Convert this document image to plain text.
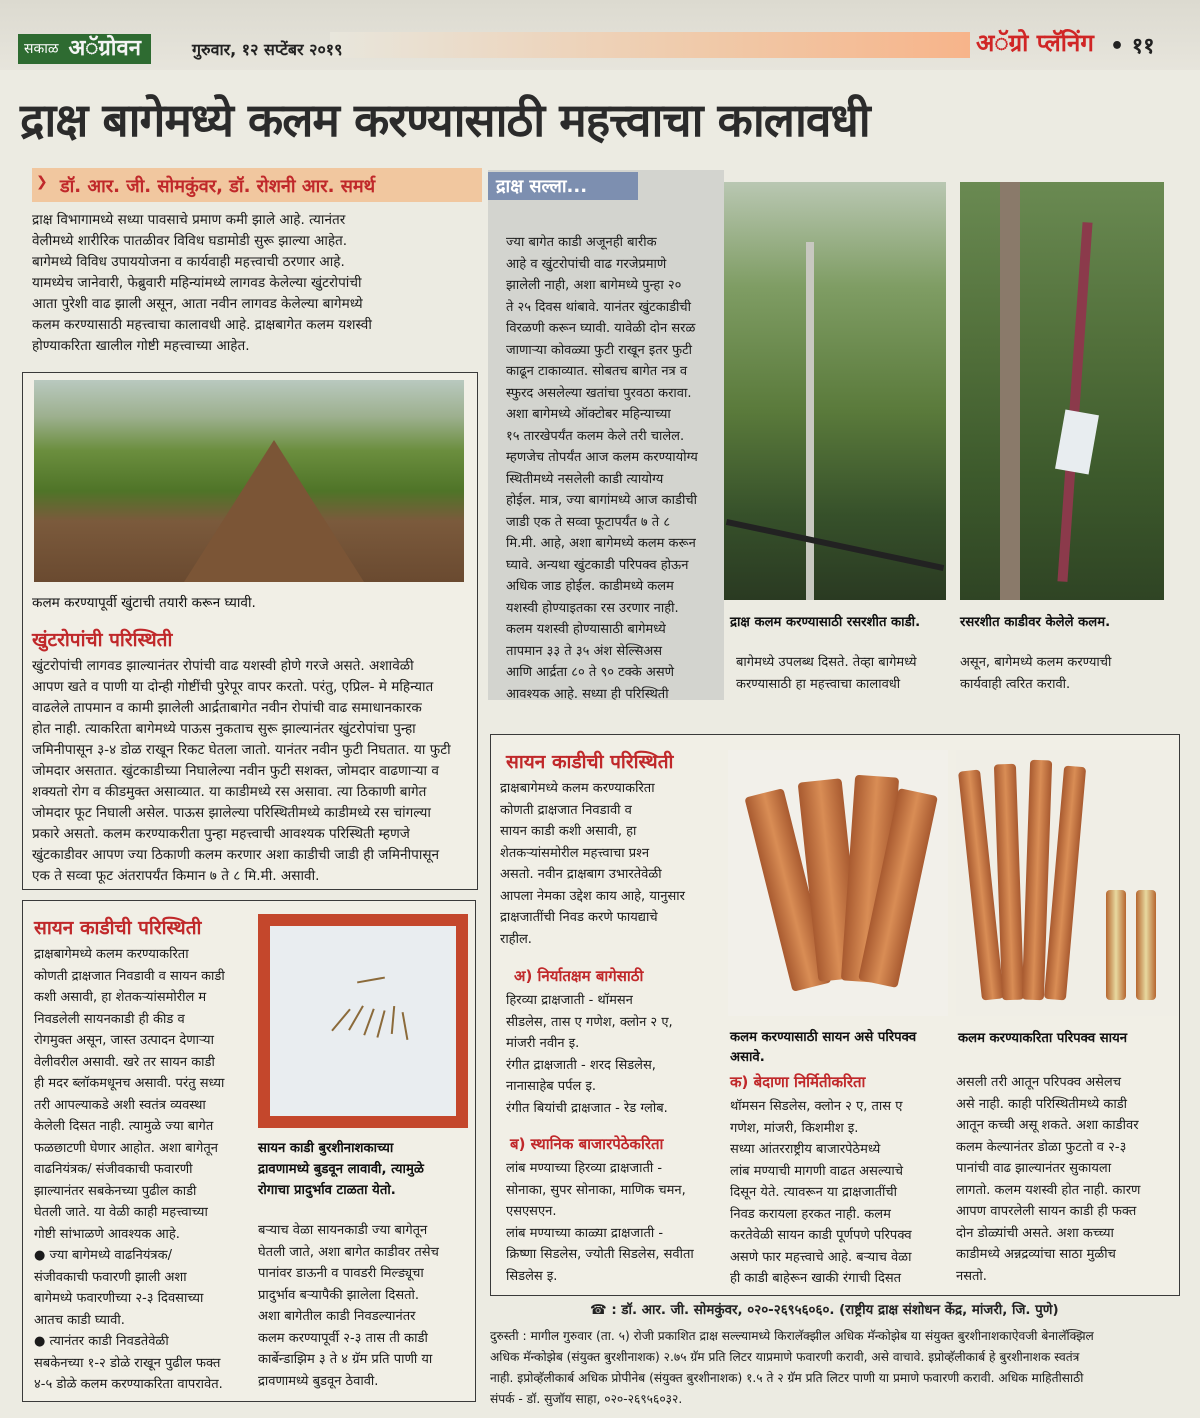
सकाळ अॅग्रोवन	गुरुवार, १२ सप्टेंबर २०१९	अॅग्रो प्लॅनिंग • ११
द्राक्ष बागेमध्ये कलम करण्यासाठी महत्त्वाचा कालावधी
❯ डॉ. आर. जी. सोमकुंवर, डॉ. रोशनी आर. समर्थ
द्राक्ष विभागामध्ये सध्या पावसाचे प्रमाण कमी झाले आहे. त्यानंतर
वेलीमध्ये शारीरिक पातळीवर विविध घडामोडी सुरू झाल्या आहेत.
बागेमध्ये विविध उपाययोजना व कार्यवाही महत्त्वाची ठरणार आहे.
यामध्येच जानेवारी, फेब्रुवारी महिन्यांमध्ये लागवड केलेल्या खुंटरोपांची
आता पुरेशी वाढ झाली असून, आता नवीन लागवड केलेल्या बागेमध्ये
कलम करण्यासाठी महत्त्वाचा कालावधी आहे. द्राक्षबागेत कलम यशस्वी
होण्याकरिता खालील गोष्टी महत्त्वाच्या आहेत.
कलम करण्यापूर्वी खुंटाची तयारी करून घ्यावी.
खुंटरोपांची परिस्थिती
खुंटरोपांची लागवड झाल्यानंतर रोपांची वाढ यशस्वी होणे गरजे असते. अशावेळी
आपण खते व पाणी या दोन्ही गोष्टींची पुरेपूर वापर करतो. परंतु, एप्रिल- मे महिन्यात
वाढलेले तापमान व कामी झालेली आर्द्रताबागेत नवीन रोपांची वाढ समाधानकारक
होत नाही. त्याकरिता बागेमध्ये पाऊस नुकताच सुरू झाल्यानंतर खुंटरोपांचा पुन्हा
जमिनीपासून ३-४ डोळ राखून रिकट घेतला जातो. यानंतर नवीन फुटी निघतात. या फुटी
जोमदार असतात. खुंटकाडीच्या निघालेल्या नवीन फुटी सशक्त, जोमदार वाढणाऱ्या व
शक्यतो रोग व कीडमुक्त असाव्यात. या काडीमध्ये रस असावा. त्या ठिकाणी बागेत
जोमदार फूट निघाली असेल. पाऊस झालेल्या परिस्थितीमध्ये काडीमध्ये रस चांगल्या
प्रकारे असतो. कलम करण्याकरीता पुन्हा महत्त्वाची आवश्यक परिस्थिती म्हणजे
खुंटकाडीवर आपण ज्या ठिकाणी कलम करणार अशा काडीची जाडी ही जमिनीपासून
एक ते सव्वा फूट अंतरापर्यंत किमान ७ ते ८ मि.मी. असावी.
द्राक्ष सल्ला...
ज्या बागेत काडी अजूनही बारीक
आहे व खुंटरोपांची वाढ गरजेप्रमाणे
झालेली नाही, अशा बागेमध्ये पुन्हा २०
ते २५ दिवस थांबावे. यानंतर खुंटकाडीची
विरळणी करून घ्यावी. यावेळी दोन सरळ
जाणाऱ्या कोवळ्या फुटी राखून इतर फुटी
काढून टाकाव्यात. सोबतच बागेत नत्र व
स्फुरद असलेल्या खतांचा पुरवठा करावा.
अशा बागेमध्ये ऑक्टोबर महिन्याच्या
१५ तारखेपर्यंत कलम केले तरी चालेल.
म्हणजेच तोपर्यंत आज कलम करण्यायोग्य
स्थितीमध्ये नसलेली काडी त्यायोग्य
होईल. मात्र, ज्या बागांमध्ये आज काडीची
जाडी एक ते सव्वा फूटापर्यंत ७ ते ८
मि.मी. आहे, अशा बागेमध्ये कलम करून
घ्यावे. अन्यथा खुंटकाडी परिपक्व होऊन
अधिक जाड होईल. काडीमध्ये कलम
यशस्वी होण्याइतका रस उरणार नाही.
कलम यशस्वी होण्यासाठी बागेमध्ये
तापमान ३३ ते ३५ अंश सेल्सिअस
आणि आर्द्रता ८० ते ९० टक्के असणे
आवश्यक आहे. सध्या ही परिस्थिती
द्राक्ष कलम करण्यासाठी रसरशीत काडी.	रसरशीत काडीवर केलेले कलम.
बागेमध्ये उपलब्ध दिसते. तेव्हा बागेमध्ये
करण्यासाठी हा महत्त्वाचा कालावधी
असून, बागेमध्ये कलम करण्याची
कार्यवाही त्वरित करावी.
सायन काडीची परिस्थिती
द्राक्षबागेमध्ये कलम करण्याकरिता
कोणती द्राक्षजात निवडावी व
सायन काडी कशी असावी, हा
शेतकऱ्यांसमोरील महत्त्वाचा प्रश्‍न
असतो. नवीन द्राक्षबाग उभारतेवेळी
आपला नेमका उद्देश काय आहे, यानुसार
द्राक्षजातींची निवड करणे फायद्याचे
राहील.
कलम करण्यासाठी सायन असे परिपक्व
असावे.
कलम करण्याकरिता परिपक्व सायन
अ) निर्यातक्षम बागेसाठी
हिरव्या द्राक्षजाती - थॉमसन
सीडलेस, तास ए गणेश, क्लोन २ ए,
मांजरी नवीन इ.
रंगीत द्राक्षजाती - शरद सिडलेस,
नानासाहेब पर्पल इ.
रंगीत बियांची द्राक्षजात - रेड ग्लोब.
ब) स्थानिक बाजारपेठेकरिता
लांब मण्याच्या हिरव्या द्राक्षजाती -
सोनाका, सुपर सोनाका, माणिक चमन,
एसएसएन.
लांब मण्याच्या काळ्या द्राक्षजाती -
क्रिष्णा सिडलेस, ज्योती सिडलेस, सवीता
सिडलेस इ.
क) बेदाणा निर्मितीकरिता
थॉमसन सिडलेस, क्लोन २ ए, तास ए
गणेश, मांजरी, किशमीश इ.
सध्या आंतरराष्ट्रीय बाजारपेठेमध्ये
लांब मण्याची मागणी वाढत असल्याचे
दिसून येते. त्यावरून या द्राक्षजातींची
निवड करायला हरकत नाही. कलम
करतेवेळी सायन काडी पूर्णपणे परिपक्व
असणे फार महत्त्वाचे आहे. बऱ्याच वेळा
ही काडी बाहेरून खाकी रंगाची दिसत
असली तरी आतून परिपक्व असेलच
असे नाही. काही परिस्थितीमध्ये काडी
आतून कच्ची असू शकते. अशा काडीवर
कलम केल्यानंतर डोळा फुटतो व २-३
पानांची वाढ झाल्यानंतर सुकायला
लागतो. कलम यशस्वी होत नाही. कारण
आपण वापरलेली सायन काडी ही फक्त
दोन डोळ्यांची असते. अशा कच्च्या
काडीमध्ये अन्नद्रव्यांचा साठा मुळीच
नसतो.
सायन काडीची परिस्थिती
द्राक्षबागेमध्ये कलम करण्याकरिता
कोणती द्राक्षजात निवडावी व सायन काडी
कशी असावी, हा शेतकऱ्यांसमोरील म
निवडलेली सायनकाडी ही कीड व
रोगमुक्त असून, जास्त उत्पादन देणाऱ्या
वेलीवरील असावी. खरे तर सायन काडी
ही मदर ब्लॉकमधूनच असावी. परंतु सध्या
तरी आपल्याकडे अशी स्वतंत्र व्यवस्था
केलेली दिसत नाही. त्यामुळे ज्या बागेत
फळछाटणी घेणार आहोत. अशा बागेतून
वाढनियंत्रक/ संजीवकाची फवारणी
झाल्यानंतर सबकेनच्या पुढील काडी
घेतली जाते. या वेळी काही महत्त्वाच्या
गोष्टी सांभाळणे आवश्यक आहे.
● ज्या बागेमध्ये वाढनियंत्रक/
संजीवकाची फवारणी झाली अशा
बागेमध्ये फवारणीच्या २-३ दिवसाच्या
आतच काडी घ्यावी.
● त्यानंतर काडी निवडतेवेळी
सबकेनच्या १-२ डोळे राखून पुढील फक्त
४-५ डोळे कलम करण्याकरिता वापरावेत.
सायन काडी बुरशीनाशकाच्या
द्रावणामध्ये बुडवून लावावी, त्यामुळे
रोगाचा प्रादुर्भाव टाळता येतो.
बऱ्याच वेळा सायनकाडी ज्या बागेतून
घेतली जाते, अशा बागेत काडीवर तसेच
पानांवर डाऊनी व पावडरी मिल्ड्यूचा
प्रादुर्भाव बऱ्यापैकी झालेला दिसतो.
अशा बागेतील काडी निवडल्यानंतर
कलम करण्यापूर्वी २-३ तास ती काडी
कार्बेन्डाझिम ३ ते ४ ग्रॅम प्रति पाणी या
द्रावणामध्ये बुडवून ठेवावी.
☎ : डॉ. आर. जी. सोमकुंवर, ०२०-२६९५६०६०. (राष्ट्रीय द्राक्ष संशोधन केंद्र, मांजरी, जि. पुणे)
दुरुस्ती : मागील गुरुवार (ता. ५) रोजी प्रकाशित द्राक्ष सल्ल्यामध्ये किरालॅक्झील अधिक मॅन्कोझेब या संयुक्त बुरशीनाशकाऐवजी बेनालॅक्झिल
अधिक मॅन्कोझेब (संयुक्त बुरशीनाशक) २.७५ ग्रॅम प्रति लिटर याप्रमाणे फवारणी करावी, असे वाचावे. इप्रोव्हॅलीकार्ब हे बुरशीनाशक स्वतंत्र
नाही. इप्रोव्हॅलीकार्ब अधिक प्रोपीनेब (संयुक्त बुरशीनाशक) १.५ ते २ ग्रॅम प्रति लिटर पाणी या प्रमाणे फवारणी करावी. अधिक माहितीसाठी
संपर्क - डॉ. सुजॉय साहा, ०२०-२६९५६०३२.
